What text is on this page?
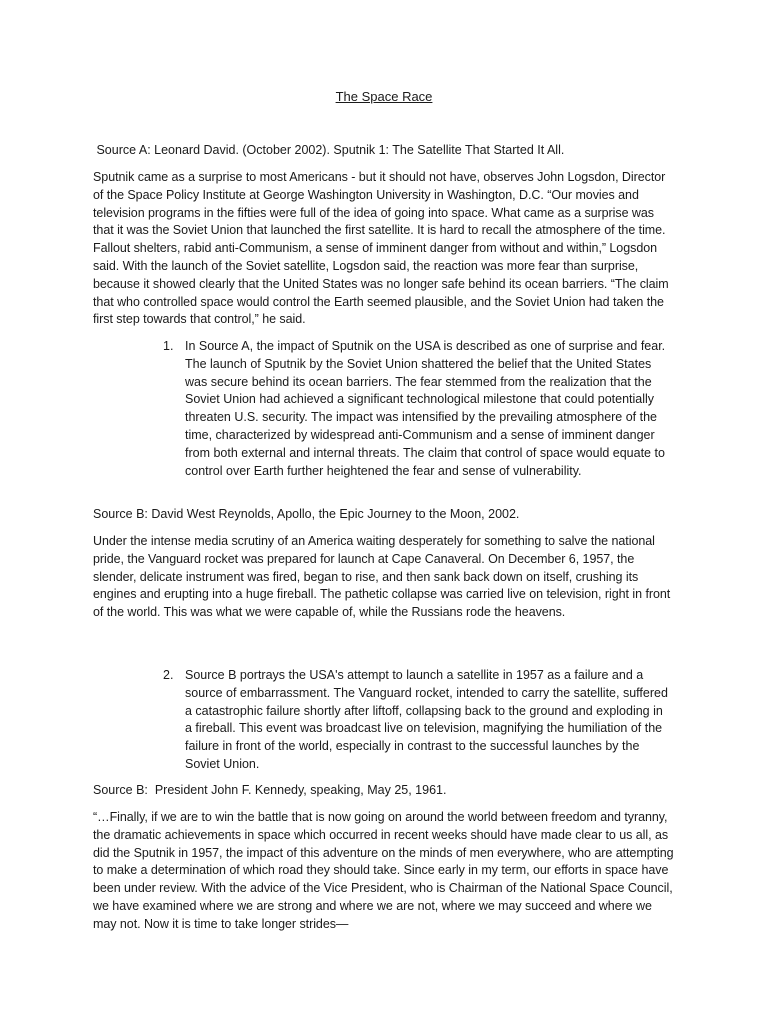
The Space Race

Source A: Leonard David. (October 2002). Sputnik 1: The Satellite That Started It All.

Sputnik came as a surprise to most Americans - but it should not have, observes John Logsdon, Director of the Space Policy Institute at George Washington University in Washington, D.C. “Our movies and television programs in the fifties were full of the idea of going into space. What came as a surprise was that it was the Soviet Union that launched the first satellite. It is hard to recall the atmosphere of the time. Fallout shelters, rabid anti-Communism, a sense of imminent danger from without and within,” Logsdon said. With the launch of the Soviet satellite, Logsdon said, the reaction was more fear than surprise, because it showed clearly that the United States was no longer safe behind its ocean barriers. “The claim that who controlled space would control the Earth seemed plausible, and the Soviet Union had taken the first step towards that control,” he said.

1. In Source A, the impact of Sputnik on the USA is described as one of surprise and fear. The launch of Sputnik by the Soviet Union shattered the belief that the United States was secure behind its ocean barriers. The fear stemmed from the realization that the Soviet Union had achieved a significant technological milestone that could potentially threaten U.S. security. The impact was intensified by the prevailing atmosphere of the time, characterized by widespread anti-Communism and a sense of imminent danger from both external and internal threats. The claim that control of space would equate to control over Earth further heightened the fear and sense of vulnerability.

Source B: David West Reynolds, Apollo, the Epic Journey to the Moon, 2002.

Under the intense media scrutiny of an America waiting desperately for something to salve the national pride, the Vanguard rocket was prepared for launch at Cape Canaveral. On December 6, 1957, the slender, delicate instrument was fired, began to rise, and then sank back down on itself, crushing its engines and erupting into a huge fireball. The pathetic collapse was carried live on television, right in front of the world. This was what we were capable of, while the Russians rode the heavens.

2. Source B portrays the USA's attempt to launch a satellite in 1957 as a failure and a source of embarrassment. The Vanguard rocket, intended to carry the satellite, suffered a catastrophic failure shortly after liftoff, collapsing back to the ground and exploding in a fireball. This event was broadcast live on television, magnifying the humiliation of the failure in front of the world, especially in contrast to the successful launches by the Soviet Union.

Source B:  President John F. Kennedy, speaking, May 25, 1961.

“…Finally, if we are to win the battle that is now going on around the world between freedom and tyranny, the dramatic achievements in space which occurred in recent weeks should have made clear to us all, as did the Sputnik in 1957, the impact of this adventure on the minds of men everywhere, who are attempting to make a determination of which road they should take. Since early in my term, our efforts in space have been under review. With the advice of the Vice President, who is Chairman of the National Space Council, we have examined where we are strong and where we are not, where we may succeed and where we may not. Now it is time to take longer strides—
